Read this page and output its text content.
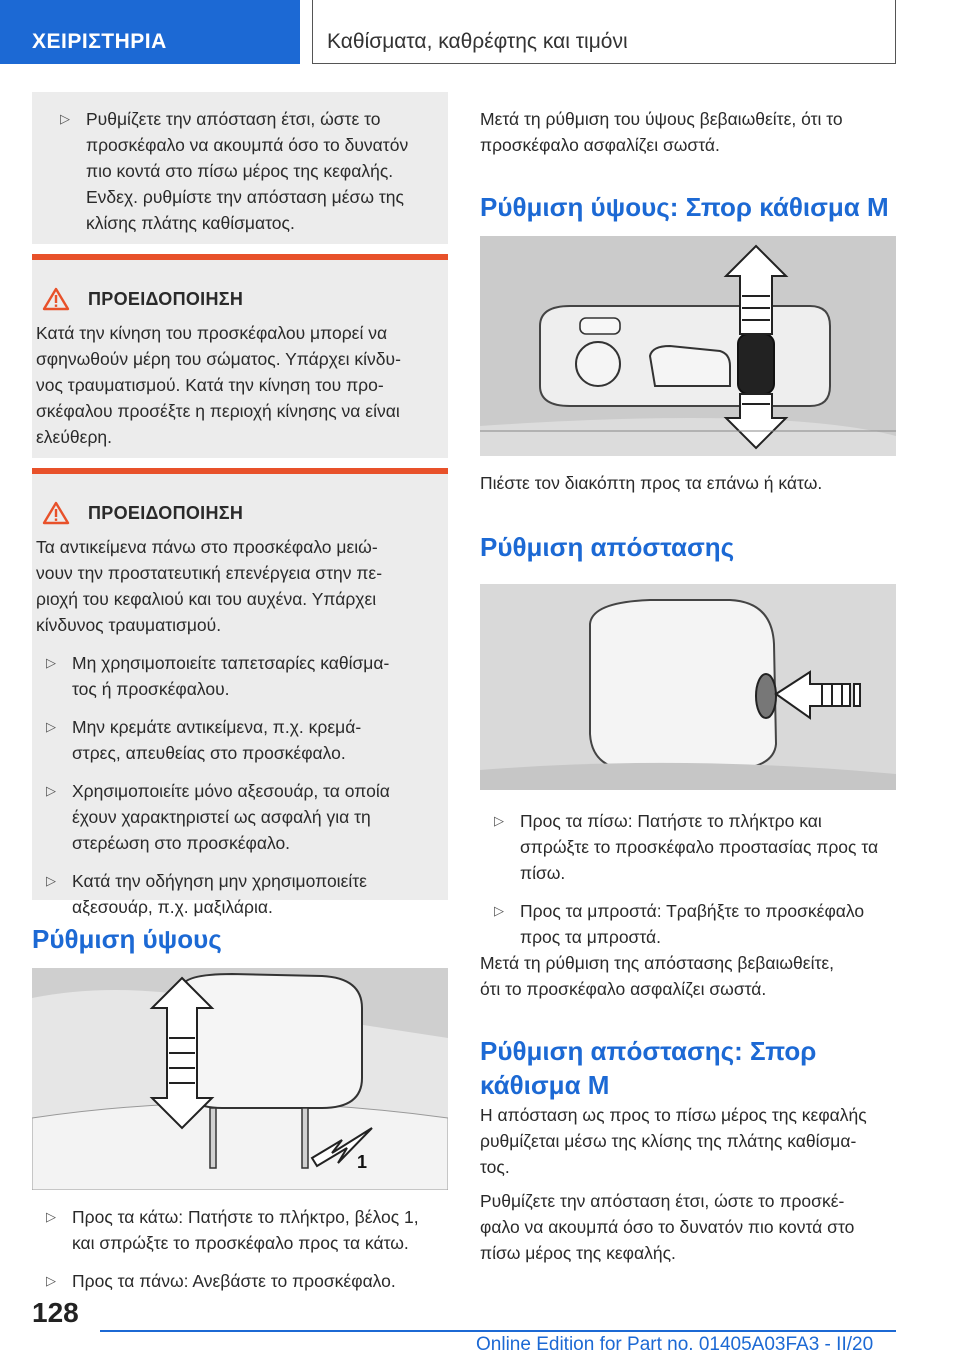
ΧΕΙΡΙΣΤΗΡΙΑ	Καθίσματα, καθρέφτης και τιμόνι
▷ Ρυθμίζετε την απόσταση έτσι, ώστε το
προσκέφαλο να ακουμπά όσο το δυνατόν
πιο κοντά στο πίσω μέρος της κεφαλής.
Ενδεχ. ρυθμίστε την απόσταση μέσω της
κλίσης πλάτης καθίσματος.
ΠΡΟΕΙΔΟΠΟΙΗΣΗ
Κατά την κίνηση του προσκέφαλου μπορεί να
σφηνωθούν μέρη του σώματος. Υπάρχει κίνδυ-
νος τραυματισμού. Κατά την κίνηση του προ-
σκέφαλου προσέξτε η περιοχή κίνησης να είναι
ελεύθερη.
ΠΡΟΕΙΔΟΠΟΙΗΣΗ
Τα αντικείμενα πάνω στο προσκέφαλο μειώ-
νουν την προστατευτική επενέργεια στην πε-
ριοχή του κεφαλιού και του αυχένα. Υπάρχει
κίνδυνος τραυματισμού.
▷ Μη χρησιμοποιείτε ταπετσαρίες καθίσμα-
τος ή προσκέφαλου.
▷ Μην κρεμάτε αντικείμενα, π.χ. κρεμά-
στρες, απευθείας στο προσκέφαλο.
▷ Χρησιμοποιείτε μόνο αξεσουάρ, τα οποία
έχουν χαρακτηριστεί ως ασφαλή για τη
στερέωση στο προσκέφαλο.
▷ Κατά την οδήγηση μην χρησιμοποιείτε
αξεσουάρ, π.χ. μαξιλάρια.
Ρύθμιση ύψους
1
▷ Προς τα κάτω: Πατήστε το πλήκτρο, βέλος 1,
και σπρώξτε το προσκέφαλο προς τα κάτω.
▷ Προς τα πάνω: Ανεβάστε το προσκέφαλο.
Μετά τη ρύθμιση του ύψους βεβαιωθείτε, ότι το
προσκέφαλο ασφαλίζει σωστά.
Ρύθμιση ύψους: Σπορ κάθισμα M
Πιέστε τον διακόπτη προς τα επάνω ή κάτω.
Ρύθμιση απόστασης
▷ Προς τα πίσω: Πατήστε το πλήκτρο και
σπρώξτε το προσκέφαλο προστασίας προς τα
πίσω.
▷ Προς τα μπροστά: Τραβήξτε το προσκέφαλο
προς τα μπροστά.
Μετά τη ρύθμιση της απόστασης βεβαιωθείτε,
ότι το προσκέφαλο ασφαλίζει σωστά.
Ρύθμιση απόστασης: Σπορ
κάθισμα M
Η απόσταση ως προς το πίσω μέρος της κεφαλής
ρυθμίζεται μέσω της κλίσης της πλάτης καθίσμα-
τος.
Ρυθμίζετε την απόσταση έτσι, ώστε το προσκέ-
φαλο να ακουμπά όσο το δυνατόν πιο κοντά στο
πίσω μέρος της κεφαλής.
128
Online Edition for Part no. 01405A03FA3 - II/20
